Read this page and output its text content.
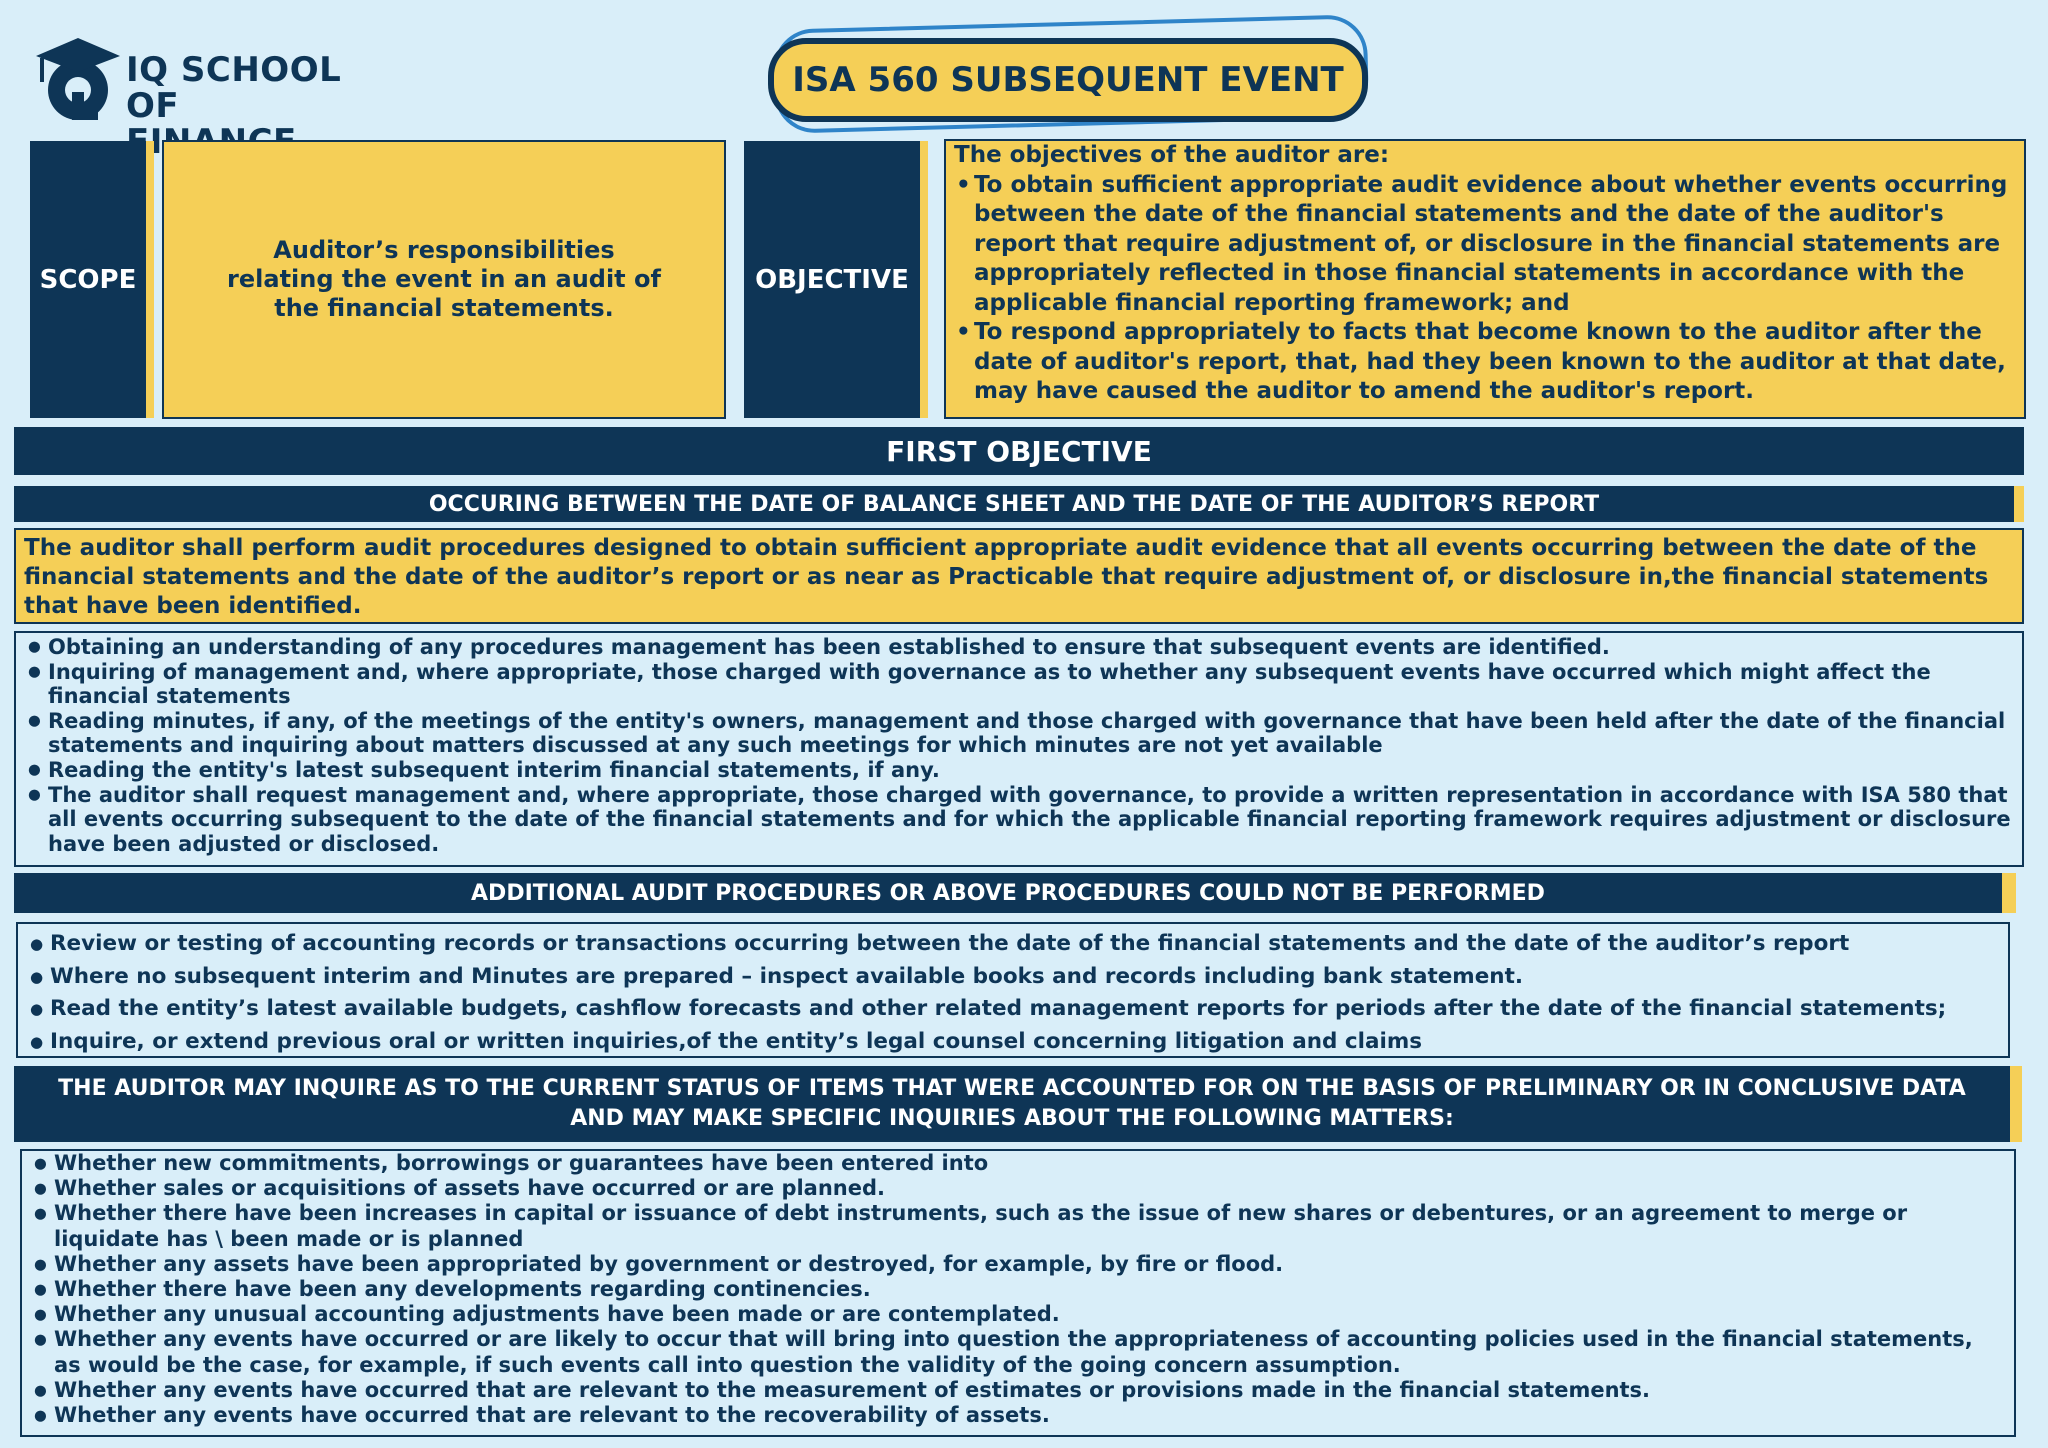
IQ SCHOOL
OF
ISA 560 SUBSEQUENT EVENT
SCOPE
Auditor’s responsibilities relating the event in an audit of the financial statements.
OBJECTIVE
The objectives of the auditor are:
• To obtain sufficient appropriate audit evidence about whether events occurring between the date of the financial statements and the date of the auditor's report that require adjustment of, or disclosure in the financial statements are appropriately reflected in those financial statements in accordance with the applicable financial reporting framework; and
• To respond appropriately to facts that become known to the auditor after the date of auditor's report, that, had they been known to the auditor at that date, may have caused the auditor to amend the auditor's report.
FIRST OBJECTIVE
OCCURING BETWEEN THE DATE OF BALANCE SHEET AND THE DATE OF THE AUDITOR’S REPORT
The auditor shall perform audit procedures designed to obtain sufficient appropriate audit evidence that all events occurring between the date of the financial statements and the date of the auditor’s report or as near as Practicable that require adjustment of, or disclosure in,the financial statements that have been identified.
● Obtaining an understanding of any procedures management has been established to ensure that subsequent events are identified.
● Inquiring of management and, where appropriate, those charged with governance as to whether any subsequent events have occurred which might affect the financial statements
● Reading minutes, if any, of the meetings of the entity's owners, management and those charged with governance that have been held after the date of the financial statements and inquiring about matters discussed at any such meetings for which minutes are not yet available
● Reading the entity's latest subsequent interim financial statements, if any.
● The auditor shall request management and, where appropriate, those charged with governance, to provide a written representation in accordance with ISA 580 that all events occurring subsequent to the date of the financial statements and for which the applicable financial reporting framework requires adjustment or disclosure have been adjusted or disclosed.
ADDITIONAL AUDIT PROCEDURES OR ABOVE PROCEDURES COULD NOT BE PERFORMED
● Review or testing of accounting records or transactions occurring between the date of the financial statements and the date of the auditor’s report
● Where no subsequent interim and Minutes are prepared – inspect available books and records including bank statement.
● Read the entity’s latest available budgets, cashflow forecasts and other related management reports for periods after the date of the financial statements;
● Inquire, or extend previous oral or written inquiries,of the entity’s legal counsel concerning litigation and claims
THE AUDITOR MAY INQUIRE AS TO THE CURRENT STATUS OF ITEMS THAT WERE ACCOUNTED FOR ON THE BASIS OF PRELIMINARY OR IN CONCLUSIVE DATA AND MAY MAKE SPECIFIC INQUIRIES ABOUT THE FOLLOWING MATTERS:
● Whether new commitments, borrowings or guarantees have been entered into
● Whether sales or acquisitions of assets have occurred or are planned.
● Whether there have been increases in capital or issuance of debt instruments, such as the issue of new shares or debentures, or an agreement to merge or liquidate has \ been made or is planned
● Whether any assets have been appropriated by government or destroyed, for example, by fire or flood.
● Whether there have been any developments regarding continencies.
● Whether any unusual accounting adjustments have been made or are contemplated.
● Whether any events have occurred or are likely to occur that will bring into question the appropriateness of accounting policies used in the financial statements, as would be the case, for example, if such events call into question the validity of the going concern assumption.
● Whether any events have occurred that are relevant to the measurement of estimates or provisions made in the financial statements.
● Whether any events have occurred that are relevant to the recoverability of assets.
